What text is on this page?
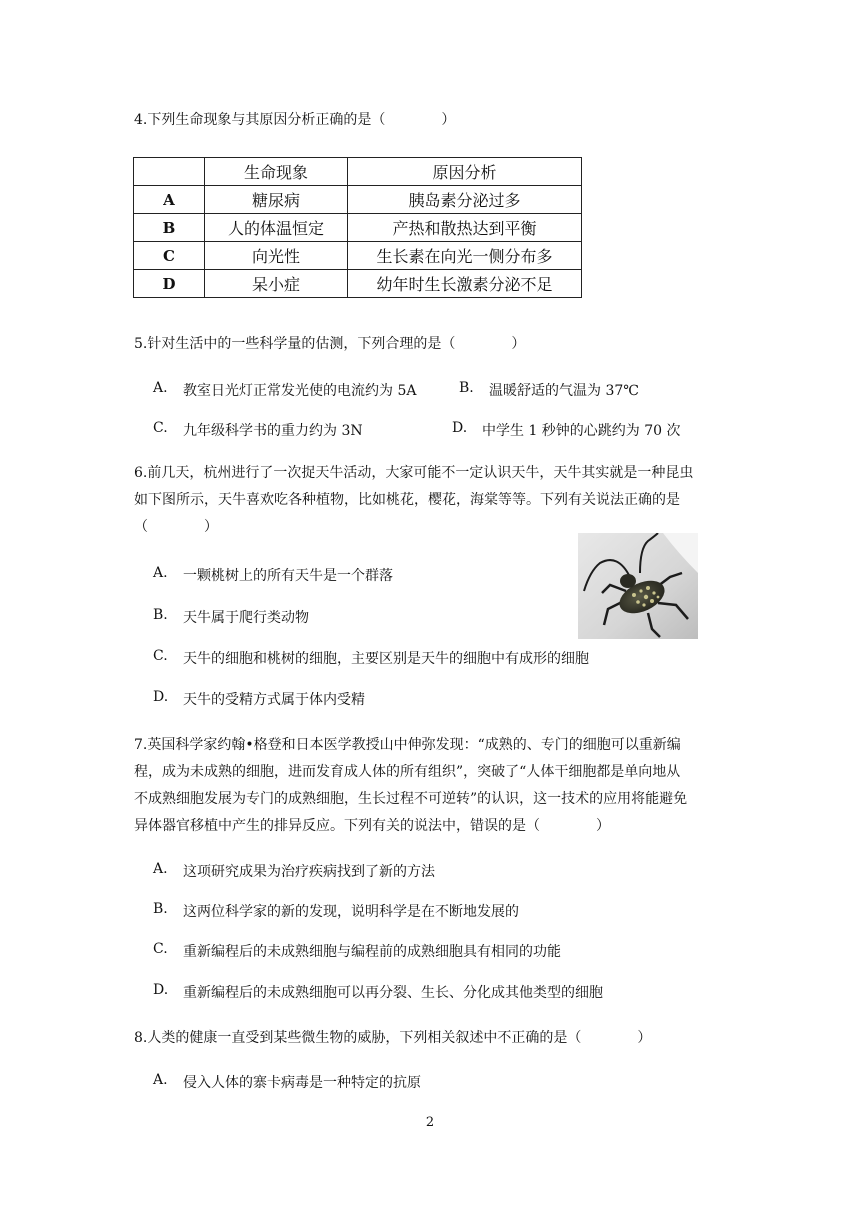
4.下列生命现象与其原因分析正确的是（　　　　）
	生命现象	原因分析
A	糖尿病	胰岛素分泌过多
B	人的体温恒定	产热和散热达到平衡
C	向光性	生长素在向光一侧分布多
D	呆小症	幼年时生长激素分泌不足
5.针对生活中的一些科学量的估测，下列合理的是（　　　　）
A. 教室日光灯正常发光使的电流约为 5A	B. 温暖舒适的气温为 37℃
C. 九年级科学书的重力约为 3N	D. 中学生 1 秒钟的心跳约为 70 次
6.前几天，杭州进行了一次捉天牛活动，大家可能不一定认识天牛，天牛其实就是一种昆虫
如下图所示，天牛喜欢吃各种植物，比如桃花，樱花，海棠等等。下列有关说法正确的是
（　　　　）
A. 一颗桃树上的所有天牛是一个群落
B. 天牛属于爬行类动物
C. 天牛的细胞和桃树的细胞，主要区别是天牛的细胞中有成形的细胞
D. 天牛的受精方式属于体内受精
7.英国科学家约翰•格登和日本医学教授山中伸弥发现：“成熟的、专门的细胞可以重新编
程，成为未成熟的细胞，进而发育成人体的所有组织”，突破了“人体干细胞都是单向地从
不成熟细胞发展为专门的成熟细胞，生长过程不可逆转”的认识，这一技术的应用将能避免
异体器官移植中产生的排异反应。下列有关的说法中，错误的是（　　　　）
A. 这项研究成果为治疗疾病找到了新的方法
B. 这两位科学家的新的发现，说明科学是在不断地发展的
C. 重新编程后的未成熟细胞与编程前的成熟细胞具有相同的功能
D. 重新编程后的未成熟细胞可以再分裂、生长、分化成其他类型的细胞
8.人类的健康一直受到某些微生物的威胁，下列相关叙述中不正确的是（　　　　）
A. 侵入人体的寨卡病毒是一种特定的抗原
2
